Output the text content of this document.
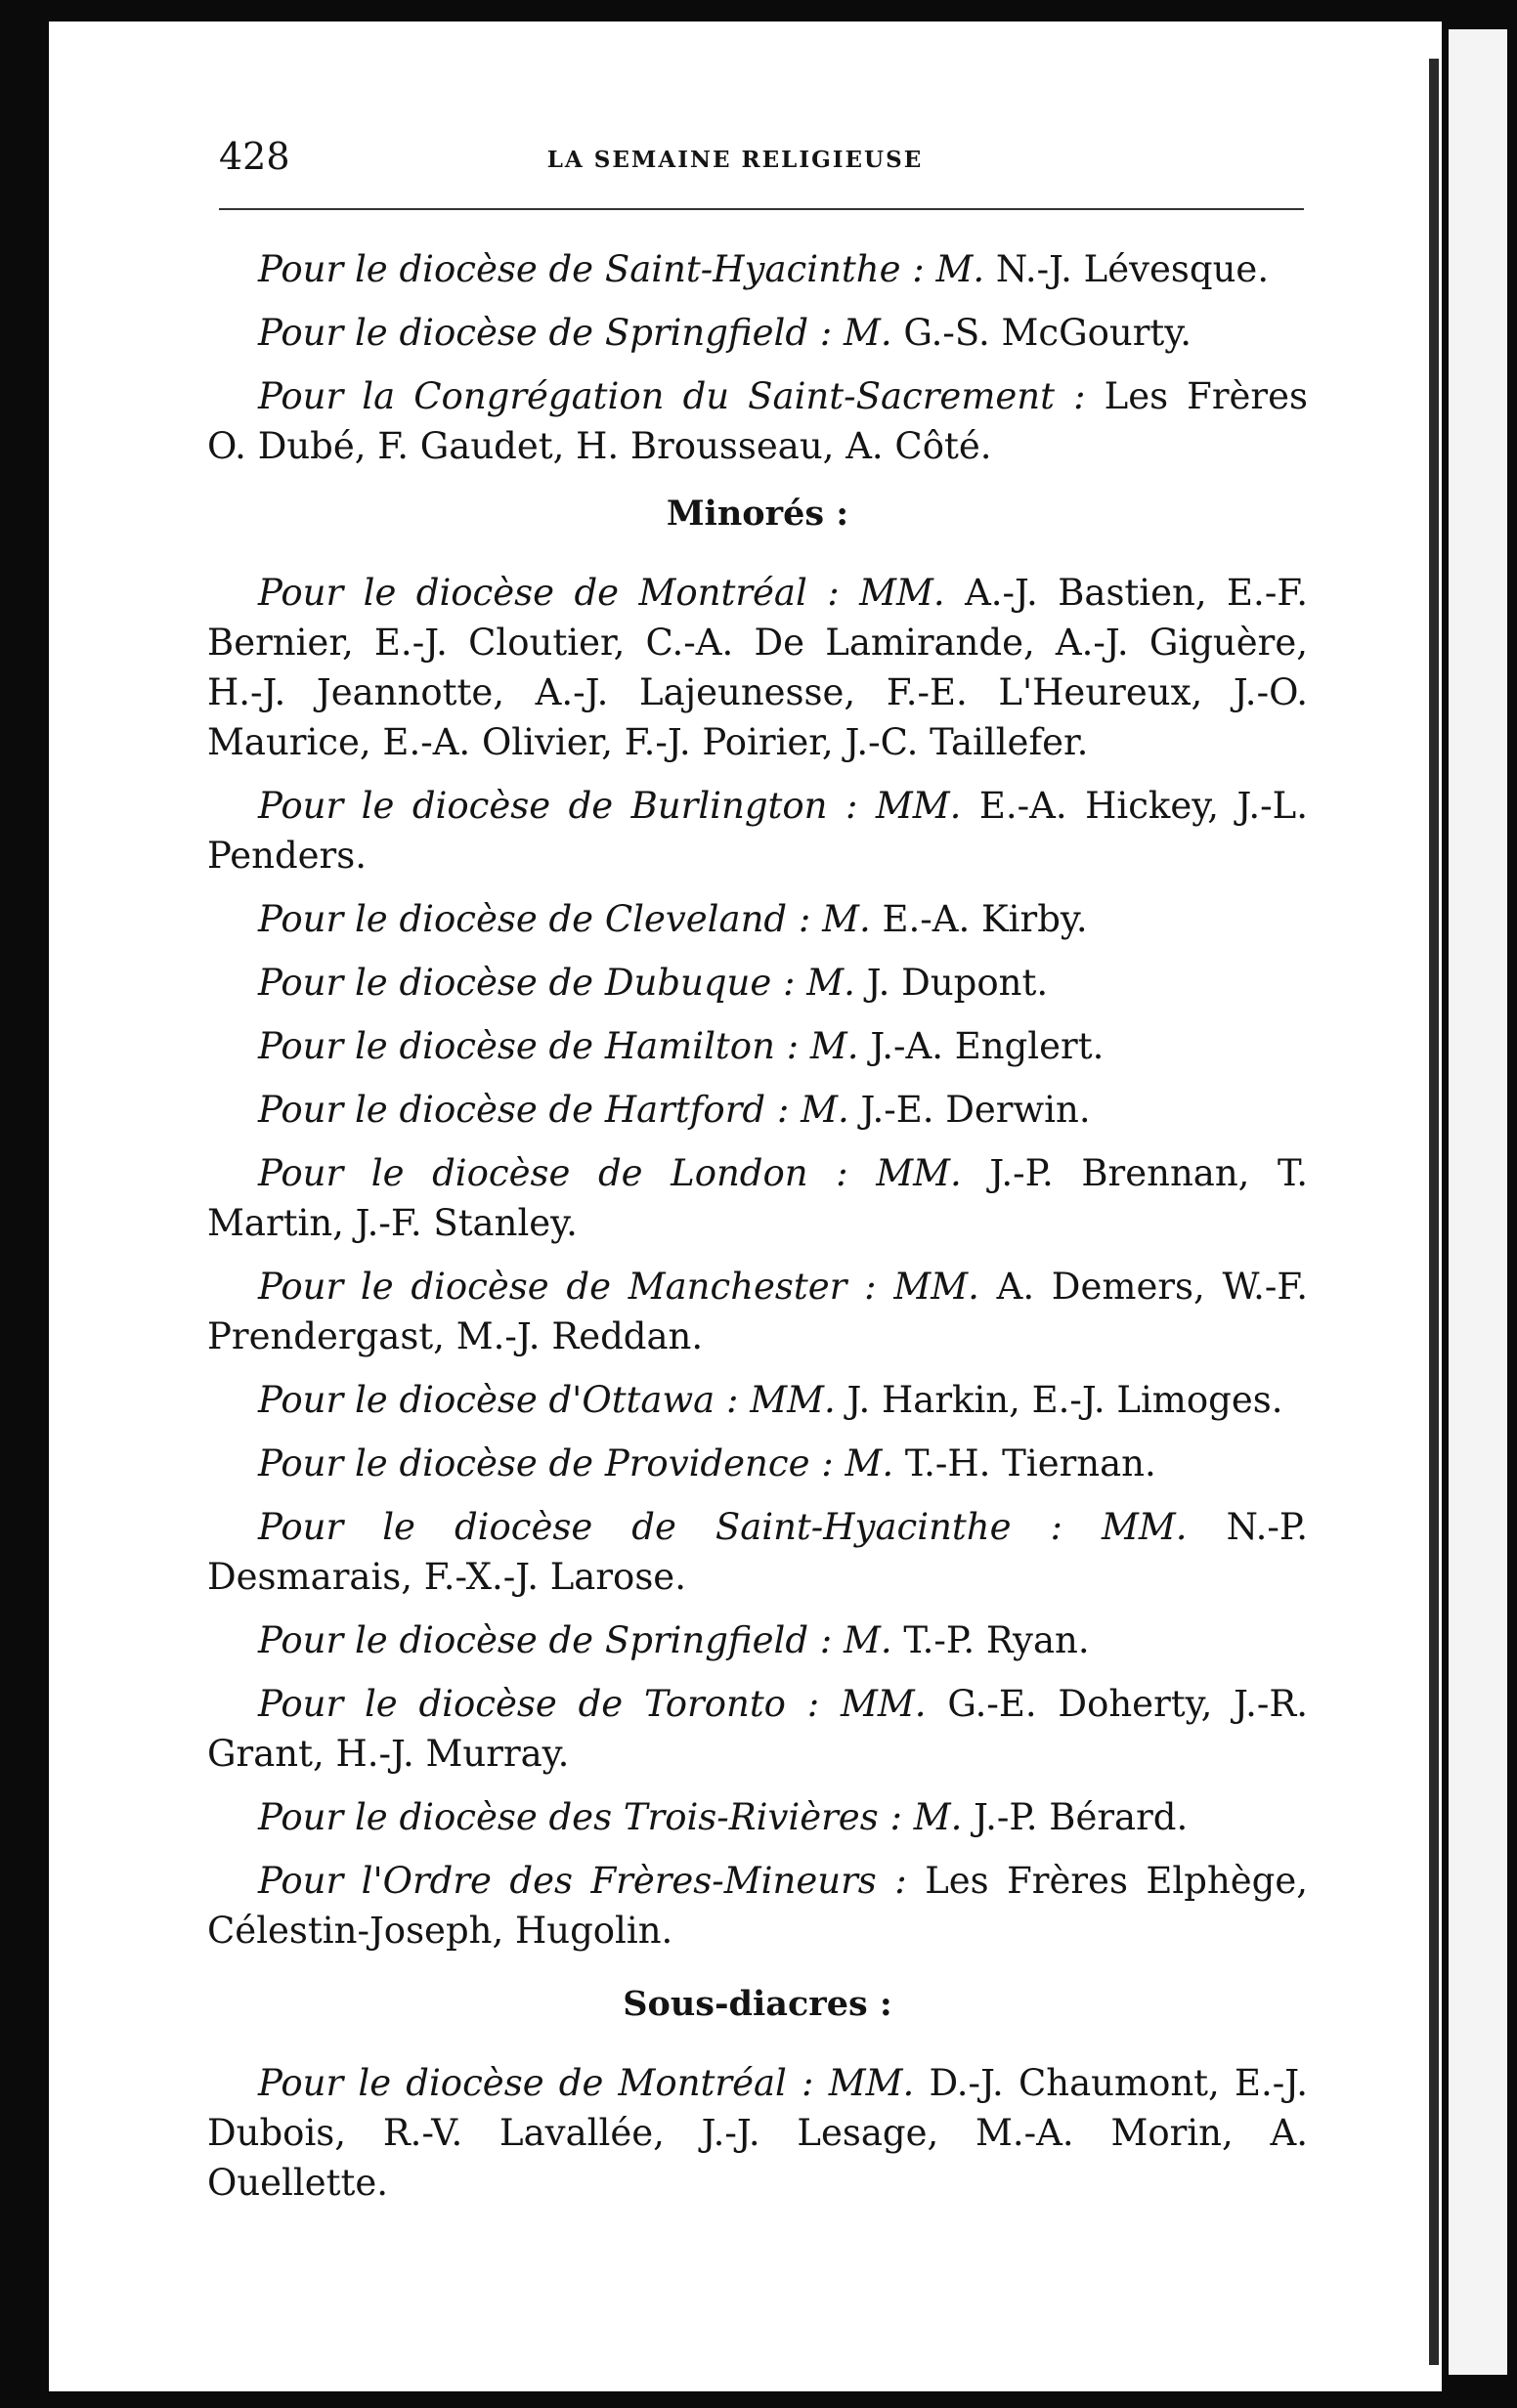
428	LA SEMAINE RELIGIEUSE

Pour le diocèse de Saint-Hyacinthe : M. N.-J. Lévesque.

Pour le diocèse de Springfield : M. G.-S. McGourty.

Pour la Congrégation du Saint-Sacrement : Les Frères O. Dubé, F. Gaudet, H. Brousseau, A. Côté.

Minorés :

Pour le diocèse de Montréal : MM. A.-J. Bastien, E.-F. Bernier, E.-J. Cloutier, C.-A. De Lamirande, A.-J. Giguère, H.-J. Jeannotte, A.-J. Lajeunesse, F.-E. L'Heureux, J.-O. Maurice, E.-A. Olivier, F.-J. Poirier, J.-C. Taillefer.

Pour le diocèse de Burlington : MM. E.-A. Hickey, J.-L. Penders.

Pour le diocèse de Cleveland : M. E.-A. Kirby.

Pour le diocèse de Dubuque : M. J. Dupont.

Pour le diocèse de Hamilton : M. J.-A. Englert.

Pour le diocèse de Hartford : M. J.-E. Derwin.

Pour le diocèse de London : MM. J.-P. Brennan, T. Martin, J.-F. Stanley.

Pour le diocèse de Manchester : MM. A. Demers, W.-F. Prendergast, M.-J. Reddan.

Pour le diocèse d'Ottawa : MM. J. Harkin, E.-J. Limoges.

Pour le diocèse de Providence : M. T.-H. Tiernan.

Pour le diocèse de Saint-Hyacinthe : MM. N.-P. Desmarais, F.-X.-J. Larose.

Pour le diocèse de Springfield : M. T.-P. Ryan.

Pour le diocèse de Toronto : MM. G.-E. Doherty, J.-R. Grant, H.-J. Murray.

Pour le diocèse des Trois-Rivières : M. J.-P. Bérard.

Pour l'Ordre des Frères-Mineurs : Les Frères Elphège, Célestin-Joseph, Hugolin.

Sous-diacres :

Pour le diocèse de Montréal : MM. D.-J. Chaumont, E.-J. Dubois, R.-V. Lavallée, J.-J. Lesage, M.-A. Morin, A. Ouellette.
